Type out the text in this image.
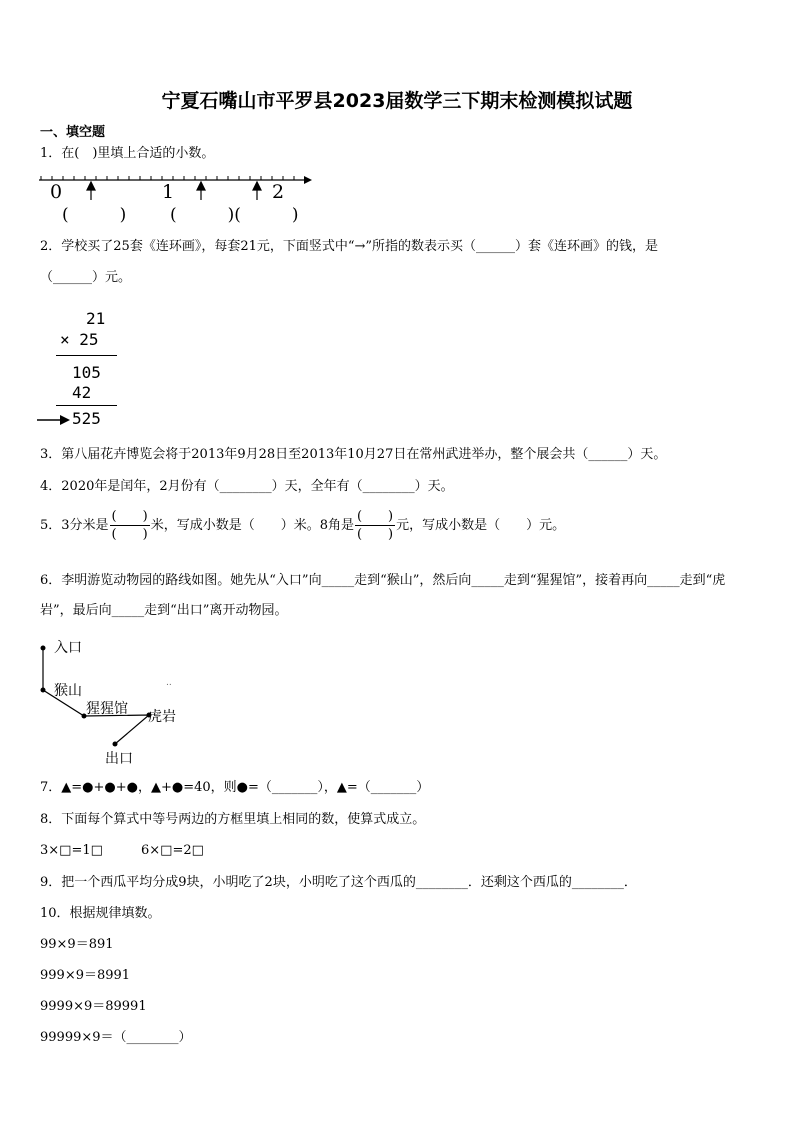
宁夏石嘴山市平罗县2023届数学三下期末检测模拟试题
一、填空题
1．在(　)里填上合适的小数。
0	1	2
(　　　)	(　　　)(　　　)
2．学校买了25套《连环画》，每套21元，下面竖式中“→”所指的数表示买（______）套《连环画》的钱，是
（______）元。
21
× 25
105
42
525
3．第八届花卉博览会将于2013年9月28日至2013年10月27日在常州武进举办，整个展会共（______）天。
4．2020年是闰年，2月份有（________）天，全年有（________）天。
5．3分米是 $\frac{( )}{( )}$ 米，写成小数是（　　）米。8角是 $\frac{( )}{( )}$ 元，写成小数是（　　）元。
6．李明游览动物园的路线如图。她先从“入口”向_____走到“猴山”，然后向_____走到“猩猩馆”，接着再向_____走到“虎
岩”，最后向_____走到“出口”离开动物园。
..
入口
猴山
猩猩馆 虎岩
出口
7．▲=●+●+●，▲+●=40，则●=（_______），▲=（_______）
8．下面每个算式中等号两边的方框里填上相同的数，使算式成立。
3×□=1□	6×□=2□
9．把一个西瓜平均分成9块，小明吃了2块，小明吃了这个西瓜的________．还剩这个西瓜的________．
10．根据规律填数。
99×9＝891
999×9＝8991
9999×9＝89991
99999×9＝（________）
